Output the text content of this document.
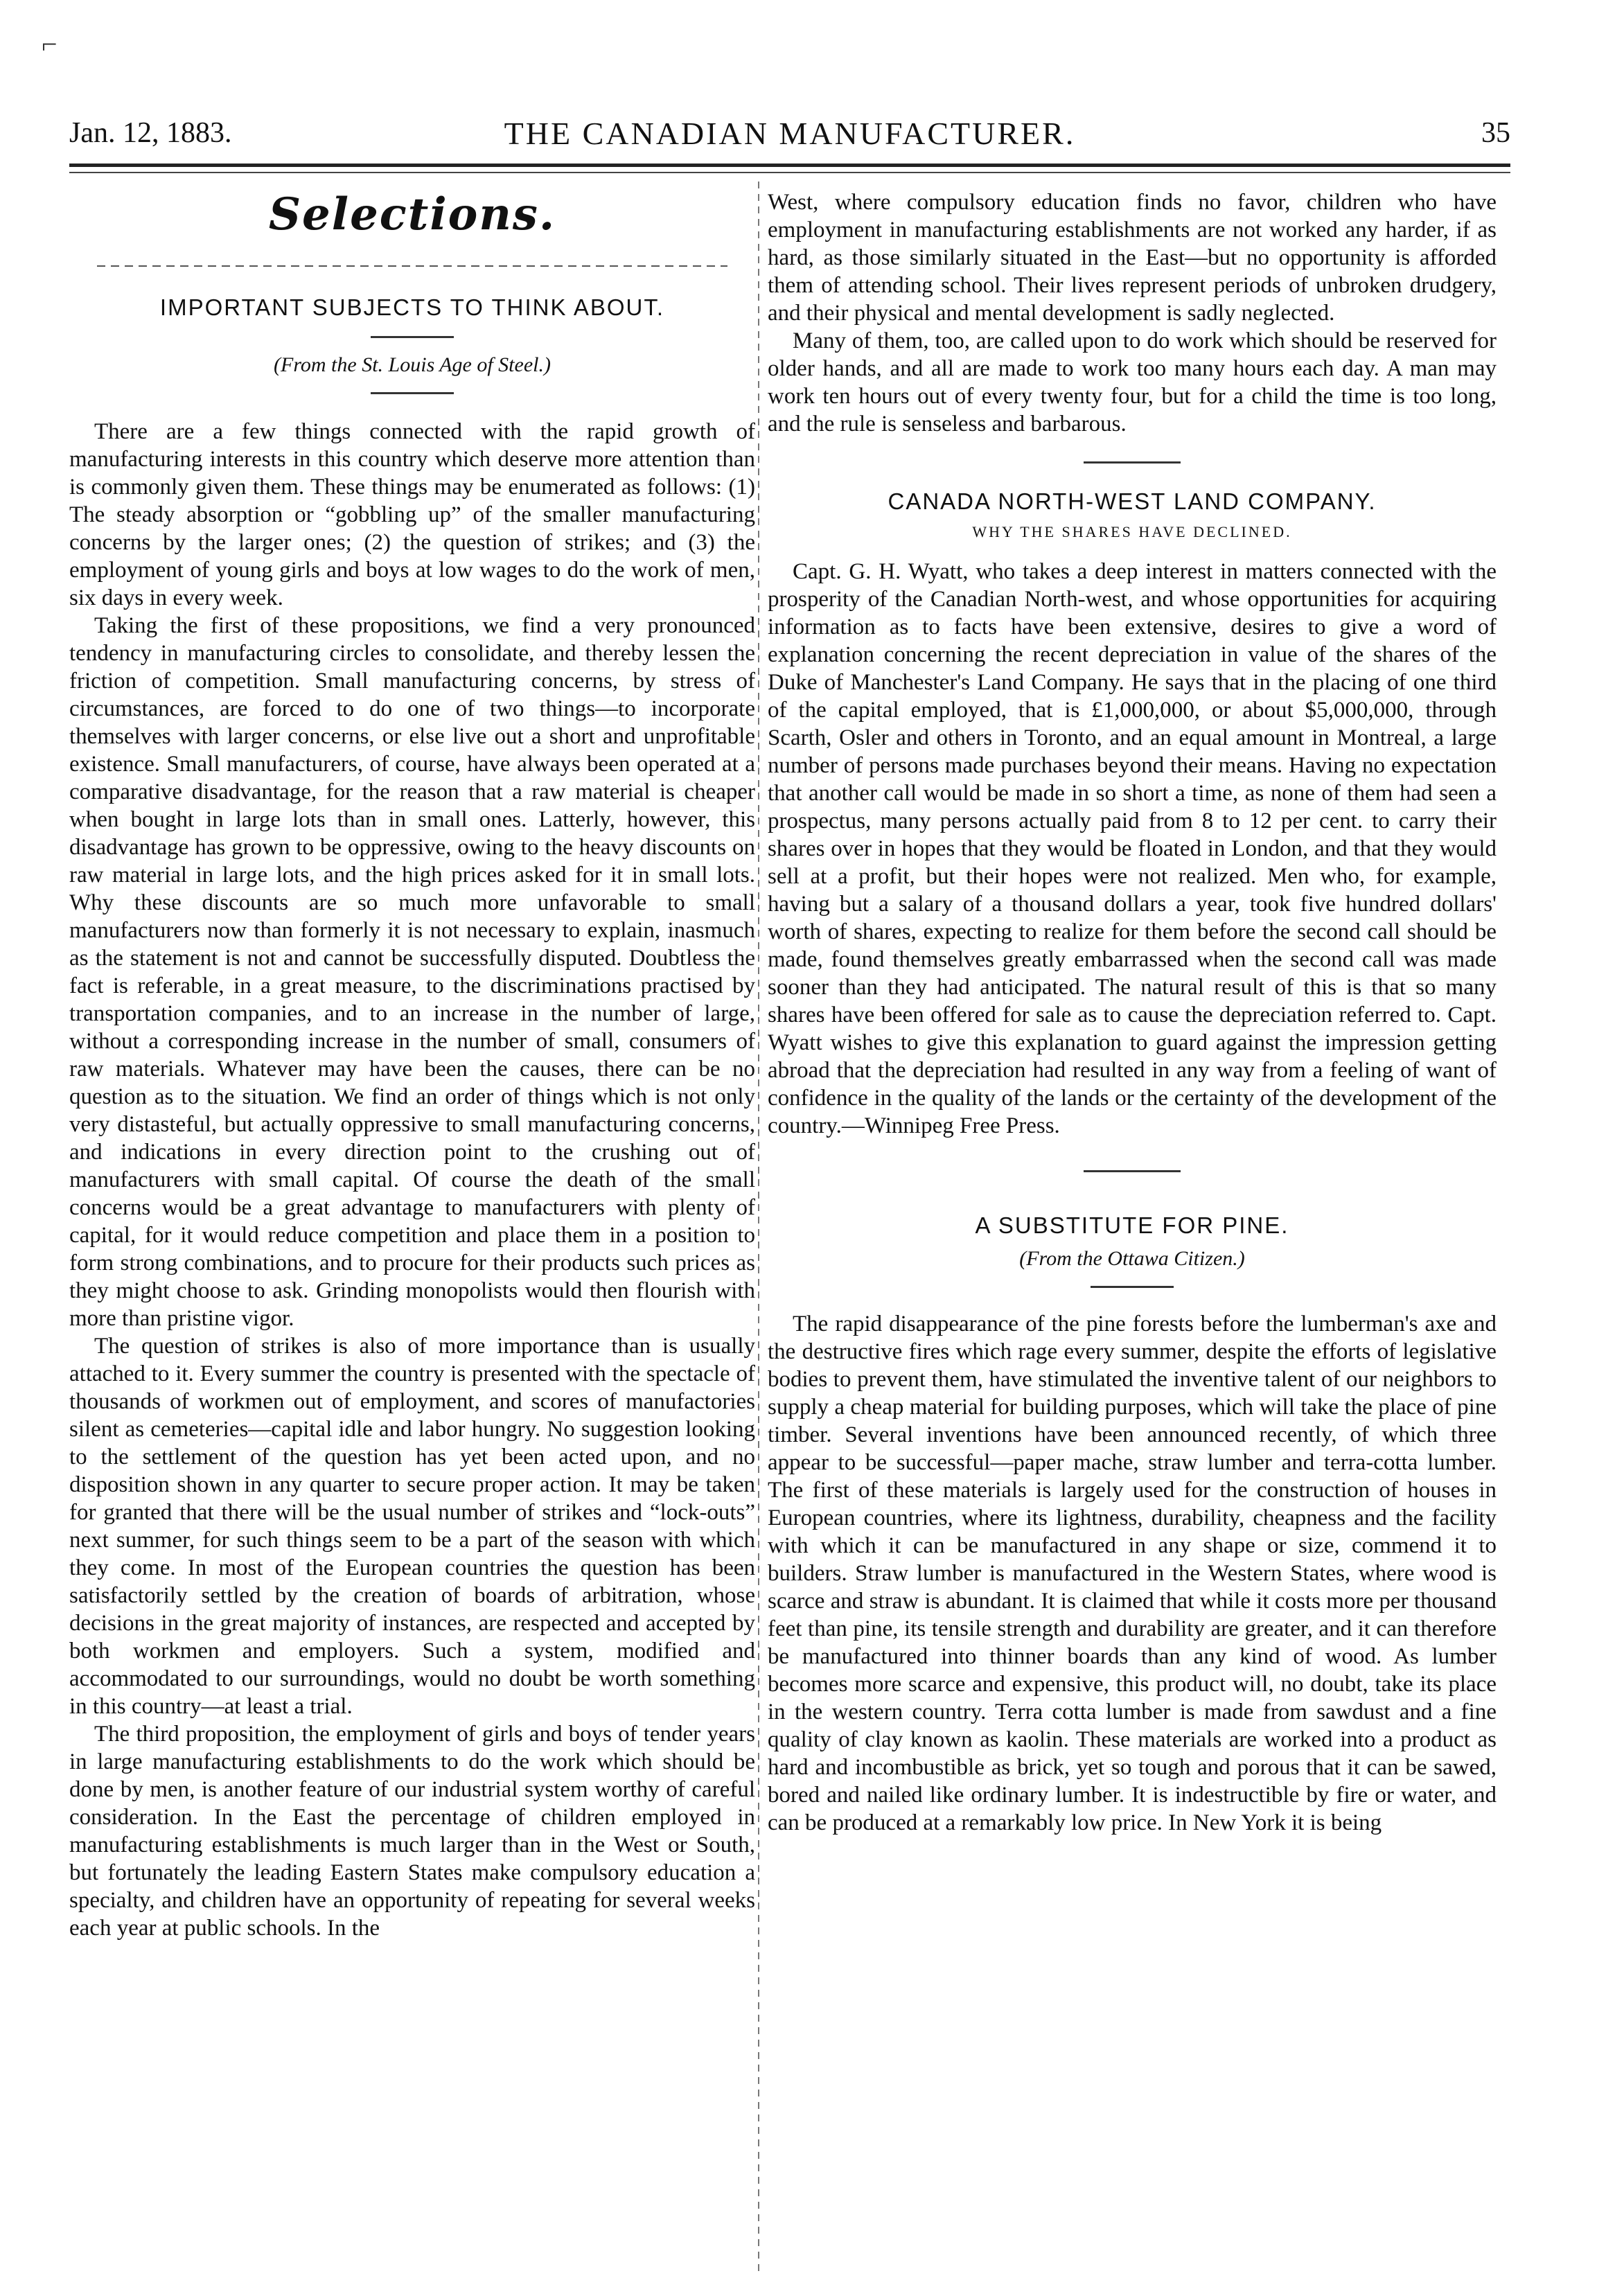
⌐
Jan. 12, 1883.	THE CANADIAN MANUFACTURER.	35
Selections.
IMPORTANT SUBJECTS TO THINK ABOUT.
(From the St. Louis Age of Steel.)

There are a few things connected with the rapid growth of manufacturing interests in this country which deserve more attention than is commonly given them. These things may be enumerated as follows: (1) The steady absorption or “gobbling up” of the smaller manufacturing concerns by the larger ones; (2) the question of strikes; and (3) the employment of young girls and boys at low wages to do the work of men, six days in every week.

Taking the first of these propositions, we find a very pronounced tendency in manufacturing circles to consolidate, and thereby lessen the friction of competition. Small manufacturing concerns, by stress of circumstances, are forced to do one of two things—to incorporate themselves with larger concerns, or else live out a short and unprofitable existence. Small manufacturers, of course, have always been operated at a comparative disadvantage, for the reason that a raw material is cheaper when bought in large lots than in small ones. Latterly, however, this disadvantage has grown to be oppressive, owing to the heavy discounts on raw material in large lots, and the high prices asked for it in small lots. Why these discounts are so much more unfavorable to small manufacturers now than formerly it is not necessary to explain, inasmuch as the statement is not and cannot be successfully disputed. Doubtless the fact is referable, in a great measure, to the discriminations practised by transportation companies, and to an increase in the number of large, without a corresponding increase in the number of small, consumers of raw materials. Whatever may have been the causes, there can be no question as to the situation. We find an order of things which is not only very distasteful, but actually oppressive to small manufacturing concerns, and indications in every direction point to the crushing out of manufacturers with small capital. Of course the death of the small concerns would be a great advantage to manufacturers with plenty of capital, for it would reduce competition and place them in a position to form strong combinations, and to procure for their products such prices as they might choose to ask. Grinding monopolists would then flourish with more than pristine vigor.

The question of strikes is also of more importance than is usually attached to it. Every summer the country is presented with the spectacle of thousands of workmen out of employment, and scores of manufactories silent as cemeteries—capital idle and labor hungry. No suggestion looking to the settlement of the question has yet been acted upon, and no disposition shown in any quarter to secure proper action. It may be taken for granted that there will be the usual number of strikes and “lock-outs” next summer, for such things seem to be a part of the season with which they come. In most of the European countries the question has been satisfactorily settled by the creation of boards of arbitration, whose decisions in the great majority of instances, are respected and accepted by both workmen and employers. Such a system, modified and accommodated to our surroundings, would no doubt be worth something in this country—at least a trial.

The third proposition, the employment of girls and boys of tender years in large manufacturing establishments to do the work which should be done by men, is another feature of our industrial system worthy of careful consideration. In the East the percentage of children employed in manufacturing establishments is much larger than in the West or South, but fortunately the leading Eastern States make compulsory education a specialty, and children have an opportunity of repeating for several weeks each year at public schools. In the

West, where compulsory education finds no favor, children who have employment in manufacturing establishments are not worked any harder, if as hard, as those similarly situated in the East—but no opportunity is afforded them of attending school. Their lives represent periods of unbroken drudgery, and their physical and mental development is sadly neglected.

Many of them, too, are called upon to do work which should be reserved for older hands, and all are made to work too many hours each day. A man may work ten hours out of every twenty four, but for a child the time is too long, and the rule is senseless and barbarous.

CANADA NORTH-WEST LAND COMPANY.
WHY THE SHARES HAVE DECLINED.

Capt. G. H. Wyatt, who takes a deep interest in matters connected with the prosperity of the Canadian North-west, and whose opportunities for acquiring information as to facts have been extensive, desires to give a word of explanation concerning the recent depreciation in value of the shares of the Duke of Manchester's Land Company. He says that in the placing of one third of the capital employed, that is £1,000,000, or about $5,000,000, through Scarth, Osler and others in Toronto, and an equal amount in Montreal, a large number of persons made purchases beyond their means. Having no expectation that another call would be made in so short a time, as none of them had seen a prospectus, many persons actually paid from 8 to 12 per cent. to carry their shares over in hopes that they would be floated in London, and that they would sell at a profit, but their hopes were not realized. Men who, for example, having but a salary of a thousand dollars a year, took five hundred dollars' worth of shares, expecting to realize for them before the second call should be made, found themselves greatly embarrassed when the second call was made sooner than they had anticipated. The natural result of this is that so many shares have been offered for sale as to cause the depreciation referred to. Capt. Wyatt wishes to give this explanation to guard against the impression getting abroad that the depreciation had resulted in any way from a feeling of want of confidence in the quality of the lands or the certainty of the development of the country.—Winnipeg Free Press.

A SUBSTITUTE FOR PINE.
(From the Ottawa Citizen.)

The rapid disappearance of the pine forests before the lumberman's axe and the destructive fires which rage every summer, despite the efforts of legislative bodies to prevent them, have stimulated the inventive talent of our neighbors to supply a cheap material for building purposes, which will take the place of pine timber. Several inventions have been announced recently, of which three appear to be successful—paper mache, straw lumber and terra-cotta lumber. The first of these materials is largely used for the construction of houses in European countries, where its lightness, durability, cheapness and the facility with which it can be manufactured in any shape or size, commend it to builders. Straw lumber is manufactured in the Western States, where wood is scarce and straw is abundant. It is claimed that while it costs more per thousand feet than pine, its tensile strength and durability are greater, and it can therefore be manufactured into thinner boards than any kind of wood. As lumber becomes more scarce and expensive, this product will, no doubt, take its place in the western country. Terra cotta lumber is made from sawdust and a fine quality of clay known as kaolin. These materials are worked into a product as hard and incombustible as brick, yet so tough and porous that it can be sawed, bored and nailed like ordinary lumber. It is indestructible by fire or water, and can be produced at a remarkably low price. In New York it is being
